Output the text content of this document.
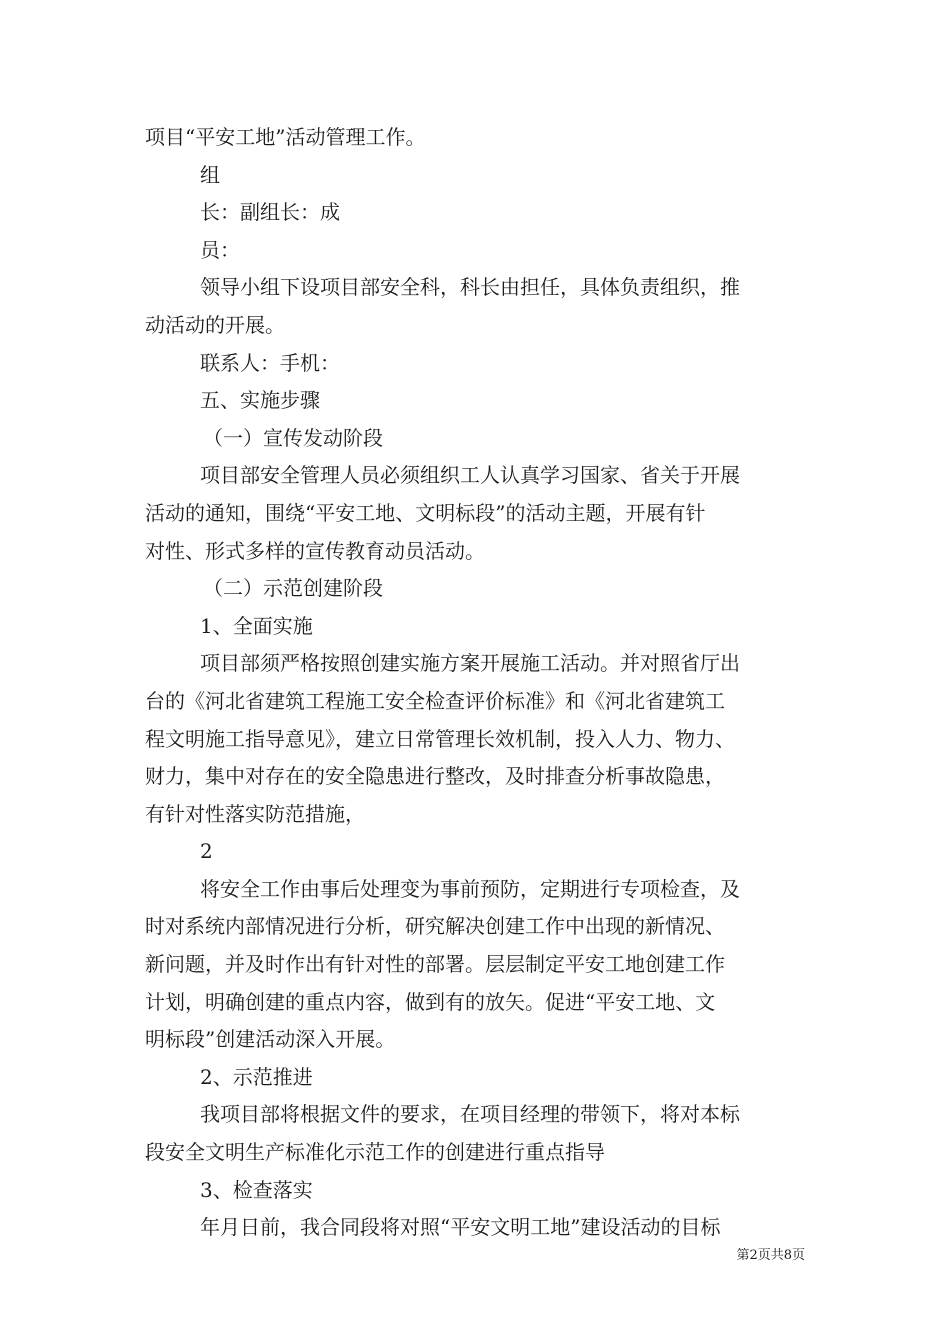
项目“平安工地”活动管理工作。
组
长：副组长：成
员：
领导小组下设项目部安全科，科长由担任，具体负责组织，推
动活动的开展。
联系人：手机：
五、实施步骤
（一）宣传发动阶段
项目部安全管理人员必须组织工人认真学习国家、省关于开展
活动的通知，围绕“平安工地、文明标段”的活动主题，开展有针
对性、形式多样的宣传教育动员活动。
（二）示范创建阶段
1、全面实施
项目部须严格按照创建实施方案开展施工活动。并对照省厅出
台的《河北省建筑工程施工安全检查评价标准》和《河北省建筑工
程文明施工指导意见》，建立日常管理长效机制，投入人力、物力、
财力，集中对存在的安全隐患进行整改，及时排查分析事故隐患，
有针对性落实防范措施，
2
将安全工作由事后处理变为事前预防，定期进行专项检查，及
时对系统内部情况进行分析，研究解决创建工作中出现的新情况、
新问题，并及时作出有针对性的部署。层层制定平安工地创建工作
计划，明确创建的重点内容，做到有的放矢。促进“平安工地、文
明标段”创建活动深入开展。
2、示范推进
我项目部将根据文件的要求，在项目经理的带领下，将对本标
段安全文明生产标准化示范工作的创建进行重点指导
3、检查落实
年月日前，我合同段将对照“平安文明工地”建设活动的目标
第2页共8页
